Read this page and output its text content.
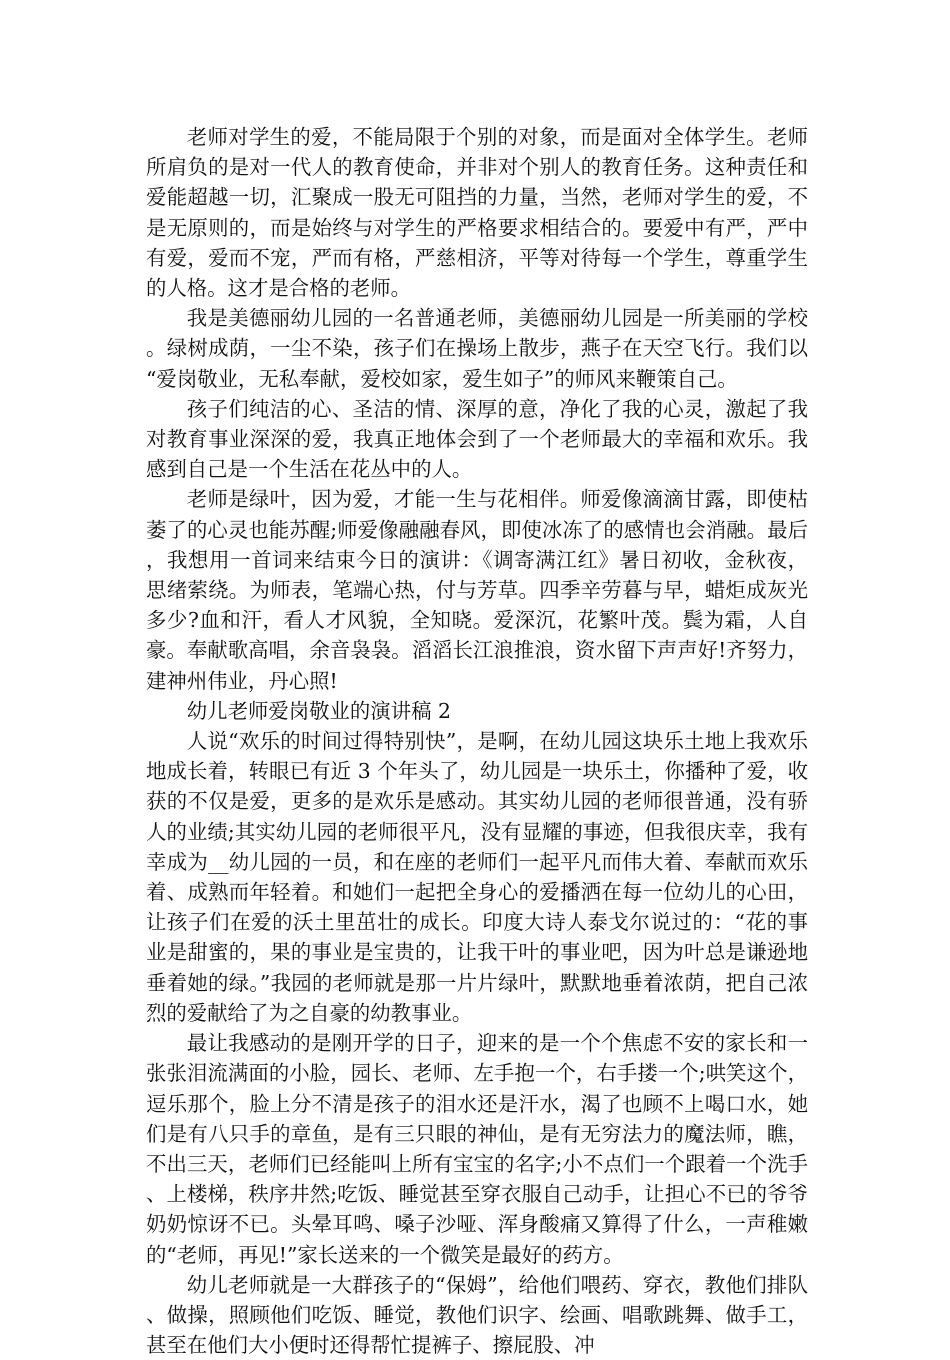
老师对学生的爱，不能局限于个别的对象，而是面对全体学生。老师所肩负的是对一代人的教育使命，并非对个别人的教育任务。这种责任和爱能超越一切，汇聚成一股无可阻挡的力量，当然，老师对学生的爱，不是无原则的，而是始终与对学生的严格要求相结合的。要爱中有严，严中有爱，爱而不宠，严而有格，严慈相济，平等对待每一个学生，尊重学生的人格。这才是合格的老师。

我是美德丽幼儿园的一名普通老师，美德丽幼儿园是一所美丽的学校。绿树成荫，一尘不染，孩子们在操场上散步，燕子在天空飞行。我们以“爱岗敬业，无私奉献，爱校如家，爱生如子”的师风来鞭策自己。

孩子们纯洁的心、圣洁的情、深厚的意，净化了我的心灵，激起了我对教育事业深深的爱，我真正地体会到了一个老师最大的幸福和欢乐。我感到自己是一个生活在花丛中的人。

老师是绿叶，因为爱，才能一生与花相伴。师爱像滴滴甘露，即使枯萎了的心灵也能苏醒;师爱像融融春风，即使冰冻了的感情也会消融。最后，我想用一首词来结束今日的演讲：《调寄满江红》暑日初收，金秋夜，思绪萦绕。为师表，笔端心热，付与芳草。四季辛劳暮与早，蜡炬成灰光多少?血和汗，看人才风貌，全知晓。爱深沉，花繁叶茂。鬓为霜，人自豪。奉献歌高唱，余音袅袅。滔滔长江浪推浪，资水留下声声好!齐努力，建神州伟业，丹心照!

幼儿老师爱岗敬业的演讲稿 2

人说“欢乐的时间过得特别快”，是啊，在幼儿园这块乐土地上我欢乐地成长着，转眼已有近 3 个年头了，幼儿园是一块乐土，你播种了爱，收获的不仅是爱，更多的是欢乐是感动。其实幼儿园的老师很普通，没有骄人的业绩;其实幼儿园的老师很平凡，没有显耀的事迹，但我很庆幸，我有幸成为__幼儿园的一员，和在座的老师们一起平凡而伟大着、奉献而欢乐着、成熟而年轻着。和她们一起把全身心的爱播洒在每一位幼儿的心田，让孩子们在爱的沃土里茁壮的成长。印度大诗人泰戈尔说过的：“花的事业是甜蜜的，果的事业是宝贵的，让我干叶的事业吧，因为叶总是谦逊地垂着她的绿。”我园的老师就是那一片片绿叶，默默地垂着浓荫，把自己浓烈的爱献给了为之自豪的幼教事业。

最让我感动的是刚开学的日子，迎来的是一个个焦虑不安的家长和一张张泪流满面的小脸，园长、老师、左手抱一个，右手搂一个;哄笑这个，逗乐那个，脸上分不清是孩子的泪水还是汗水，渴了也顾不上喝口水，她们是有八只手的章鱼，是有三只眼的神仙，是有无穷法力的魔法师，瞧，不出三天，老师们已经能叫上所有宝宝的名字;小不点们一个跟着一个洗手、上楼梯，秩序井然;吃饭、睡觉甚至穿衣服自己动手，让担心不已的爷爷奶奶惊讶不已。头晕耳鸣、嗓子沙哑、浑身酸痛又算得了什么，一声稚嫩的“老师，再见!”家长送来的一个微笑是最好的药方。

幼儿老师就是一大群孩子的“保姆”，给他们喂药、穿衣，教他们排队、做操，照顾他们吃饭、睡觉，教他们识字、绘画、唱歌跳舞、做手工，甚至在他们大小便时还得帮忙提裤子、擦屁股、冲
